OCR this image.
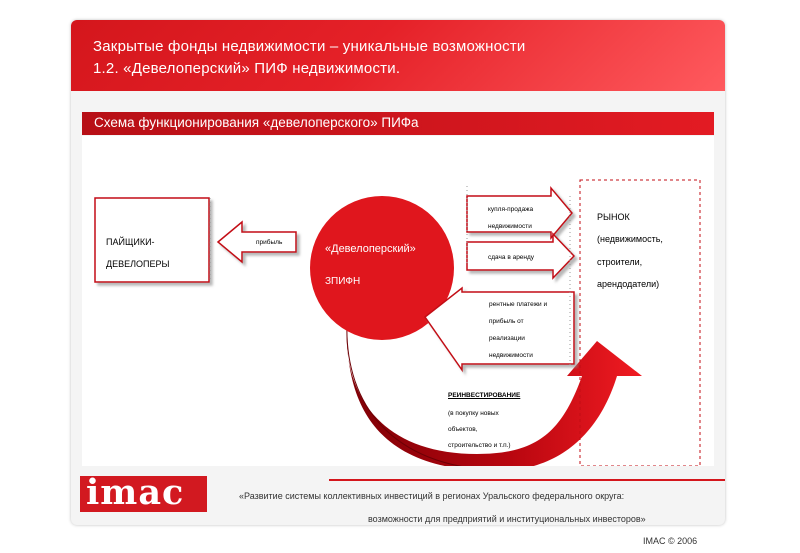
Закрытые фонды недвижимости – уникальные возможности
1.2. «Девелоперский» ПИФ недвижимости.
Схема функционирования «девелоперского» ПИФа
ПАЙЩИКИ-
ДЕВЕЛОПЕРЫ
прибыль
«Девелоперский»
ЗПИФН
купля-продажа
недвижимости
сдача в аренду
рентные платежи и
прибыль от
реализации
недвижимости
РЫНОК
(недвижимость,
строители,
арендодатели)
РЕИНВЕСТИРОВАНИЕ
(в покупку новых
объектов,
строительство и т.п.)
imac	«Развитие системы коллективных инвестиций в регионах Уральского федерального округа:
возможности для предприятий и институциональных инвесторов»
IMAC © 2006
